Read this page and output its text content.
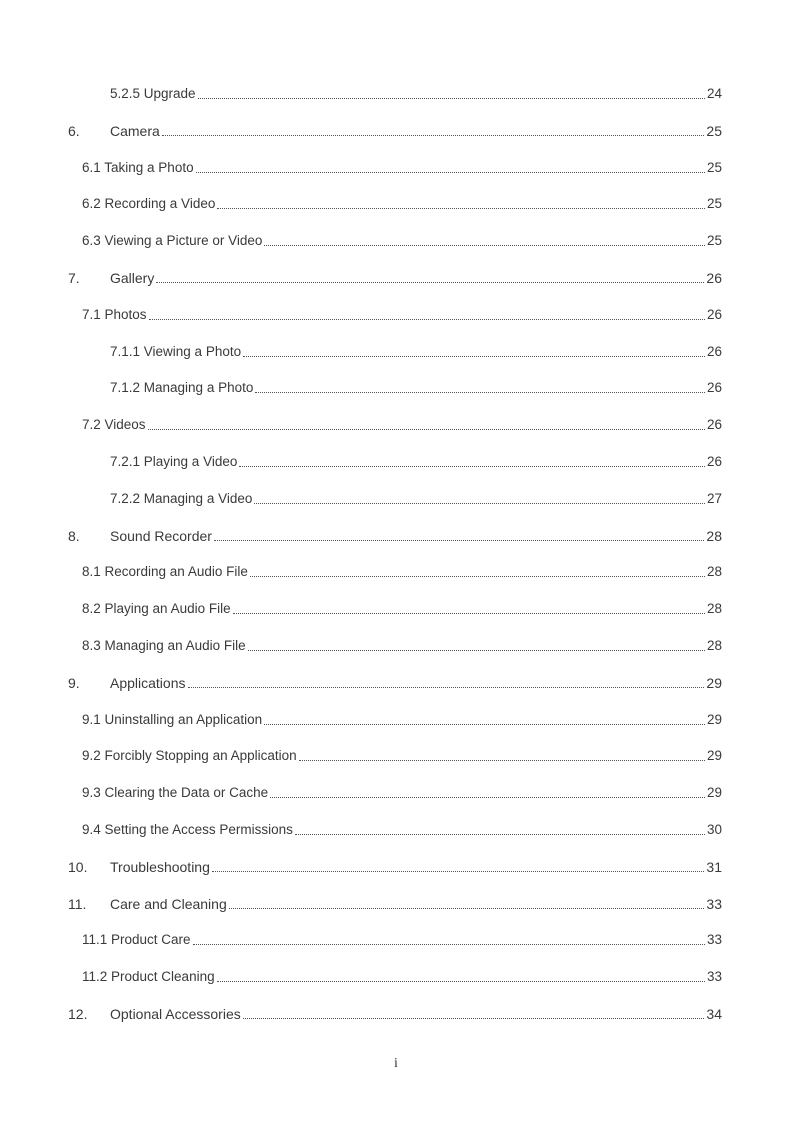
5.2.5 Upgrade	24
6.	Camera	25
6.1 Taking a Photo	25
6.2 Recording a Video	25
6.3 Viewing a Picture or Video	25
7.	Gallery	26
7.1 Photos	26
7.1.1 Viewing a Photo	26
7.1.2 Managing a Photo	26
7.2 Videos	26
7.2.1 Playing a Video	26
7.2.2 Managing a Video	27
8.	Sound Recorder	28
8.1 Recording an Audio File	28
8.2 Playing an Audio File	28
8.3 Managing an Audio File	28
9.	Applications	29
9.1 Uninstalling an Application	29
9.2 Forcibly Stopping an Application	29
9.3 Clearing the Data or Cache	29
9.4 Setting the Access Permissions	30
10.	Troubleshooting	31
11.	Care and Cleaning	33
11.1 Product Care	33
11.2 Product Cleaning	33
12.	Optional Accessories	34
i
